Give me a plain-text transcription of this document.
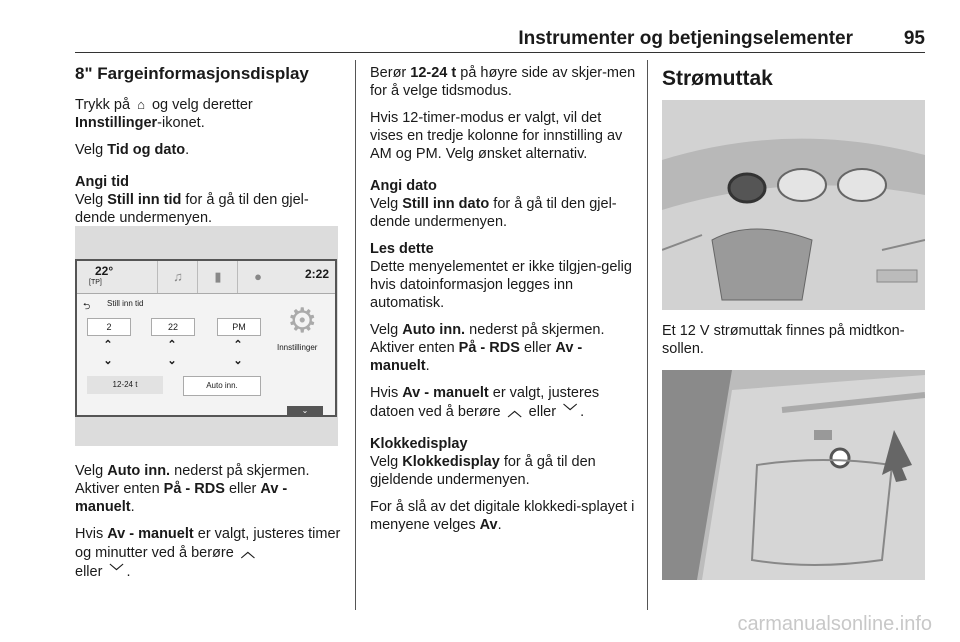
Instrumenter og betjeningselementer	95
8" Fargeinformasjonsdisplay

Trykk på ⌂ og velg deretter
Innstillinger-ikonet.

Velg Tid og dato.

Angi tid
Velg Still inn tid for å gå til den gjel-dende undermenyen.

22°
[TP]	♫	▮	●	2:22
⮌ Still inn tid
2	22	PM
⌃	⌃	⌃
⌄	⌄	⌄
12-24 t	Auto inn.
⚙
Innstillinger
⌄

Velg Auto inn. nederst på skjermen.
Aktiver enten På - RDS eller Av - manuelt.

Hvis Av - manuelt er valgt, justeres timer og minutter ved å berøre ︿
eller ﹀ .

Berør 12-24 t på høyre side av skjer-men for å velge tidsmodus.

Hvis 12-timer-modus er valgt, vil det vises en tredje kolonne for innstilling av AM og PM. Velg ønsket alternativ.

Angi dato
Velg Still inn dato for å gå til den gjel-dende undermenyen.

Les dette
Dette menyelementet er ikke tilgjen-gelig hvis datoinformasjon legges inn automatisk.

Velg Auto inn. nederst på skjermen.
Aktiver enten På - RDS eller Av - manuelt.

Hvis Av - manuelt er valgt, justeres datoen ved å berøre ︿ eller ﹀ .

Klokkedisplay
Velg Klokkedisplay for å gå til den gjeldende undermenyen.

For å slå av det digitale klokkedi-splayet i menyene velges Av.

Strømuttak

Et 12 V strømuttak finnes på midtkon-sollen.

carmanualsonline.info
